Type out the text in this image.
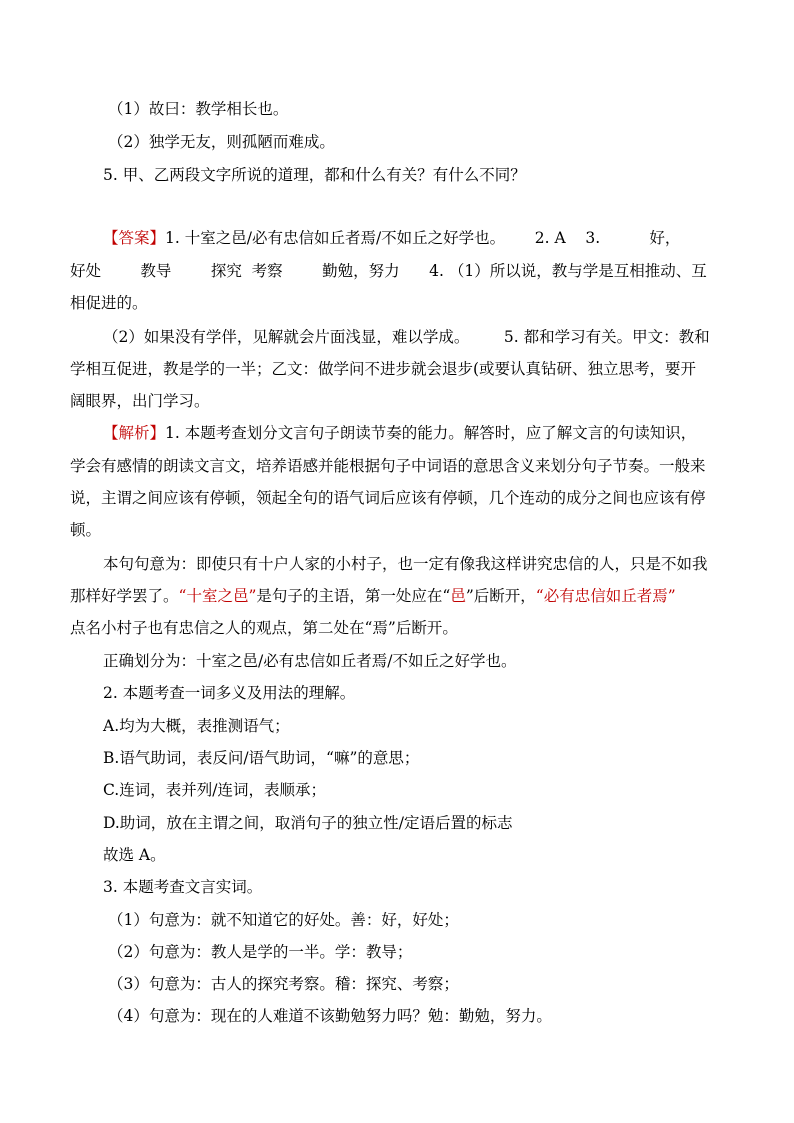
（1）故曰：教学相长也。
（2）独学无友，则孤陋而难成。
5. 甲、乙两段文字所说的道理，都和什么有关？有什么不同？
【答案】1. 十室之邑/必有忠信如丘者焉/不如丘之好学也。      2. A    3.          好，
好处        教导        探究  考察        勤勉，努力      4. （1）所以说，教与学是互相推动、互
相促进的。
（2）如果没有学伴，见解就会片面浅显，难以学成。       5. 都和学习有关。甲文：教和
学相互促进，教是学的一半；乙文：做学问不进步就会退步(或要认真钻研、独立思考，要开
阔眼界，出门学习。
【解析】1. 本题考查划分文言句子朗读节奏的能力。解答时，应了解文言的句读知识，
学会有感情的朗读文言文，培养语感并能根据句子中词语的意思含义来划分句子节奏。一般来
说，主谓之间应该有停顿，领起全句的语气词后应该有停顿，几个连动的成分之间也应该有停
顿。
本句句意为：即使只有十户人家的小村子，也一定有像我这样讲究忠信的人，只是不如我
那样好学罢了。“十室之邑”是句子的主语，第一处应在“邑”后断开，“必有忠信如丘者焉”
点名小村子也有忠信之人的观点，第二处在“焉”后断开。
正确划分为：十室之邑/必有忠信如丘者焉/不如丘之好学也。
2. 本题考查一词多义及用法的理解。
A.均为大概，表推测语气；
B.语气助词，表反问/语气助词，“嘛”的意思；
C.连词，表并列/连词，表顺承；
D.助词，放在主谓之间，取消句子的独立性/定语后置的标志
故选 A。
3. 本题考查文言实词。
（1）句意为：就不知道它的好处。善：好，好处；
（2）句意为：教人是学的一半。学：教导；
（3）句意为：古人的探究考察。稽：探究、考察；
（4）句意为：现在的人难道不该勤勉努力吗？勉：勤勉，努力。
